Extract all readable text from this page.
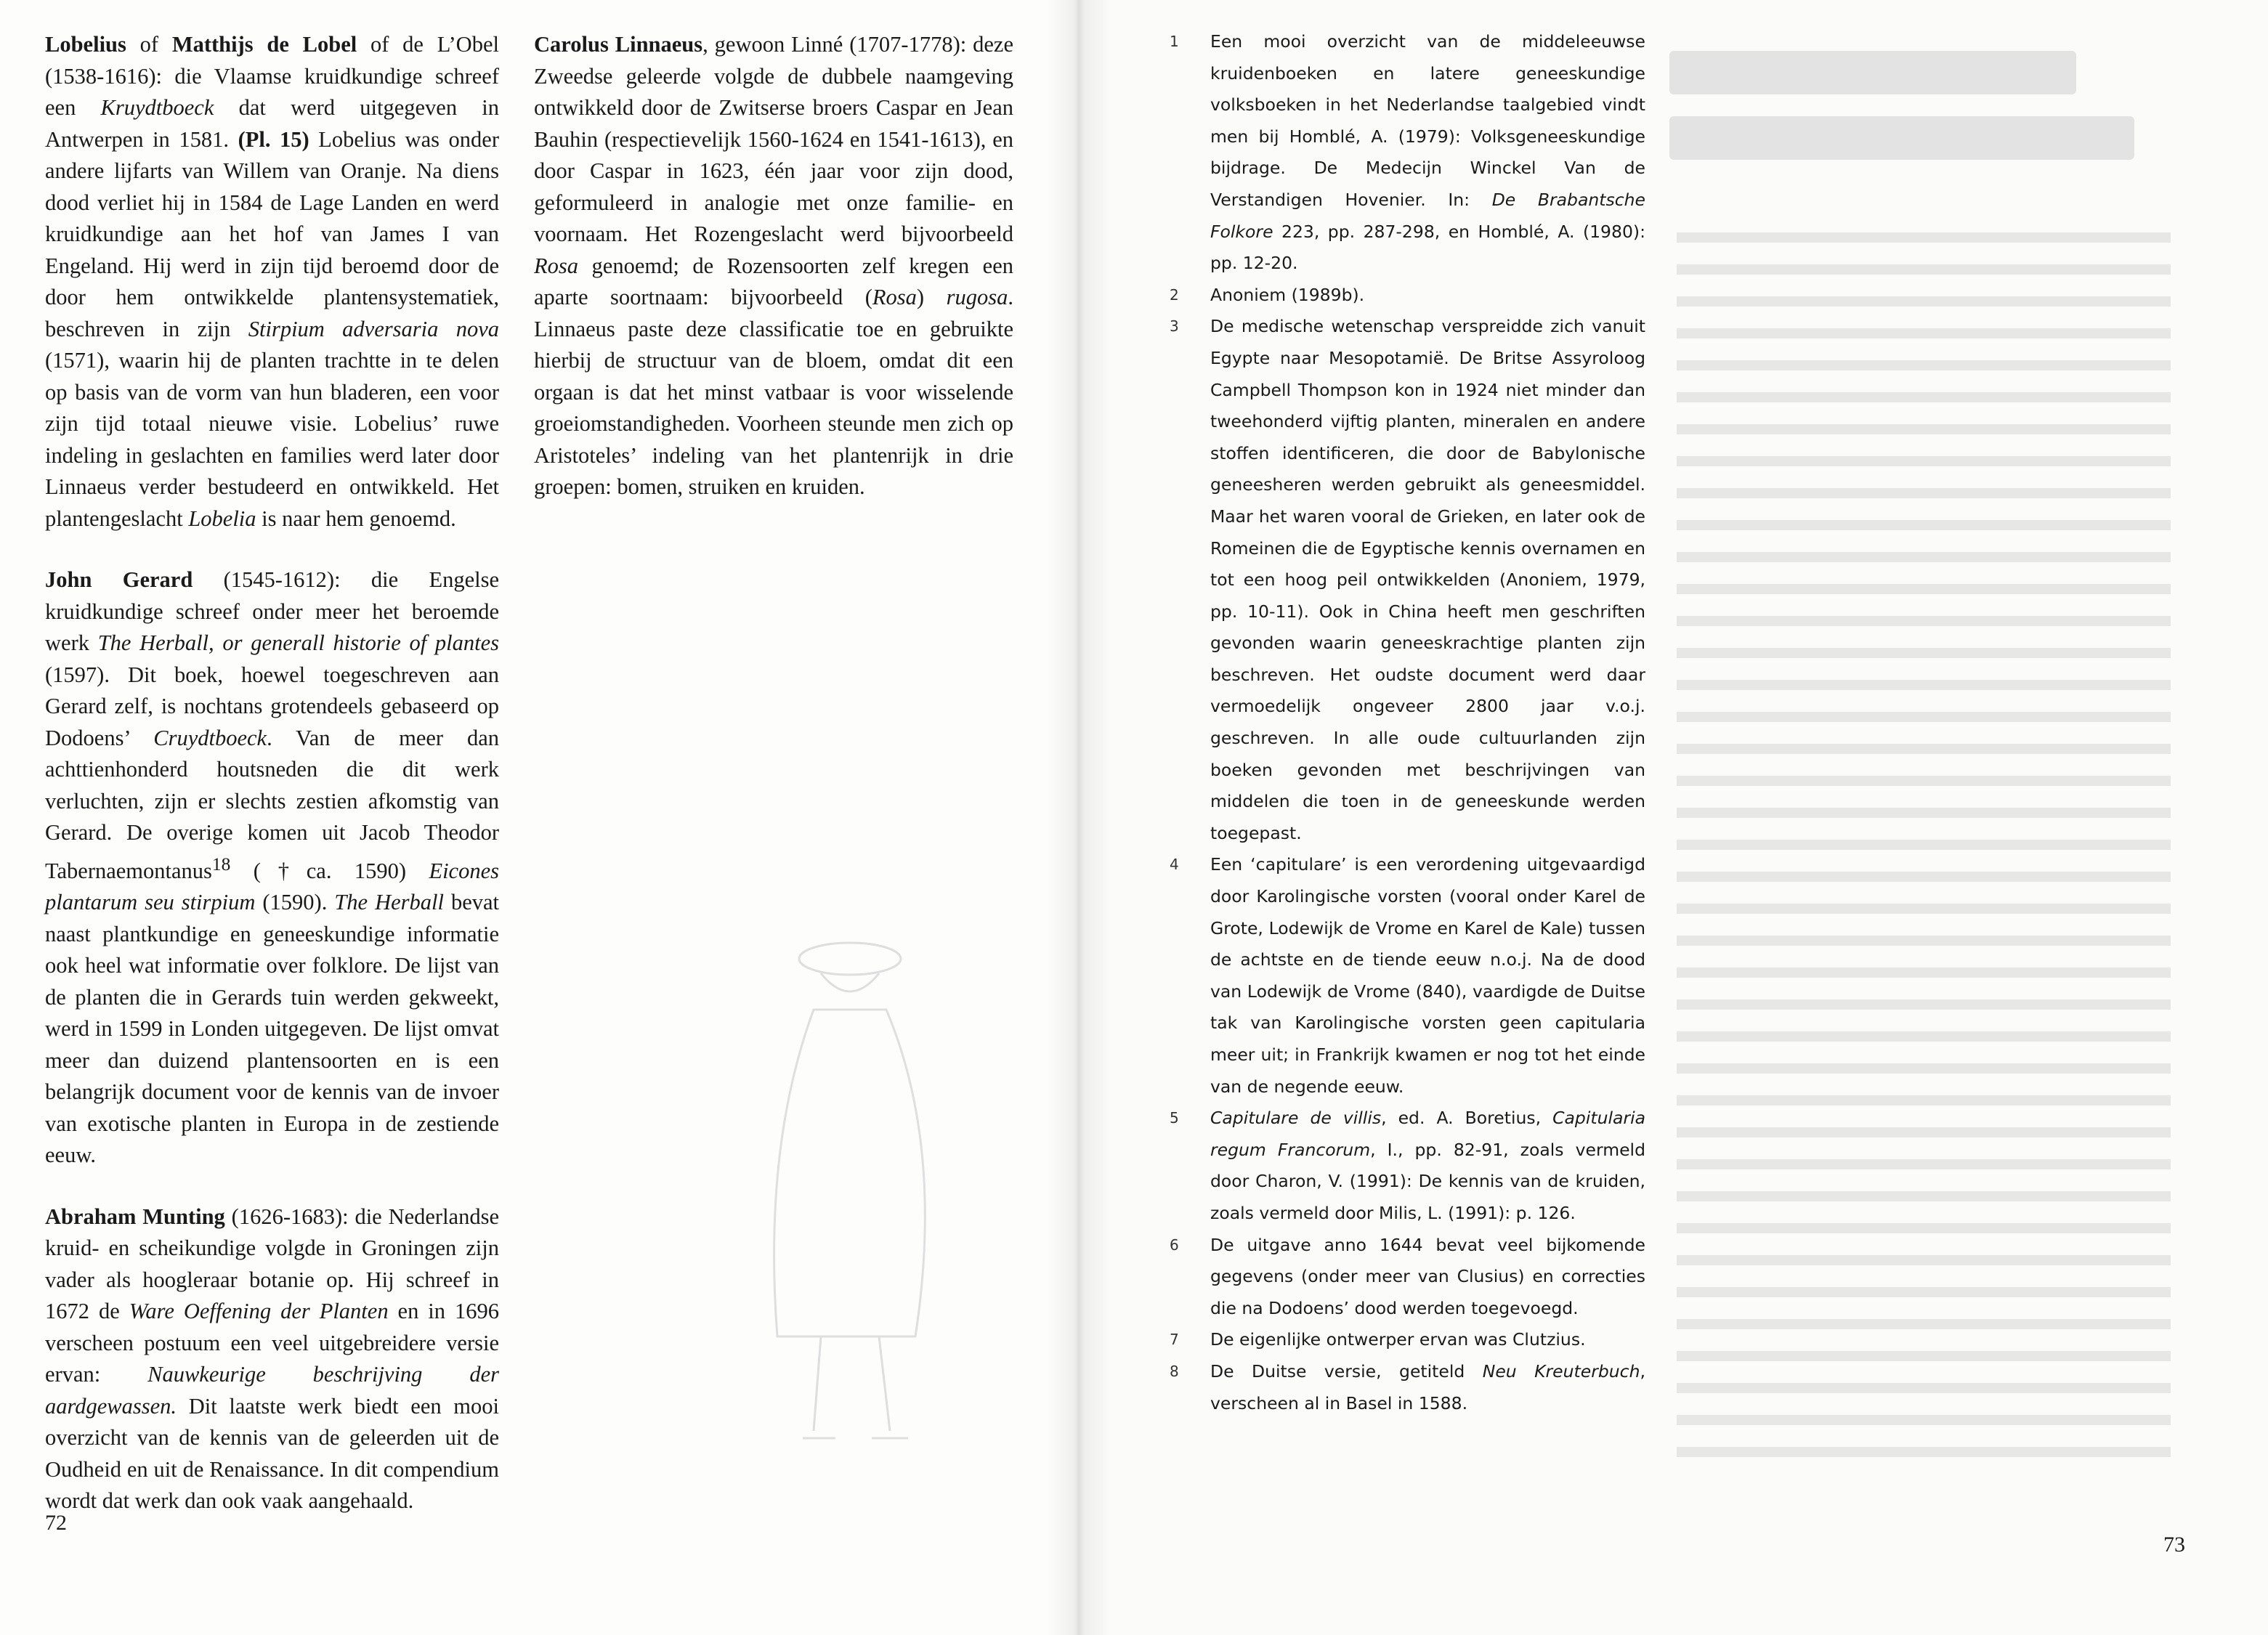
Lobelius of Matthijs de Lobel of de L’Obel (1538-1616): die Vlaamse kruidkundige schreef een Kruydtboeck dat werd uitgegeven in Antwerpen in 1581. (Pl. 15) Lobelius was onder andere lijfarts van Willem van Oranje. Na diens dood verliet hij in 1584 de Lage Landen en werd kruidkundige aan het hof van James I van Engeland. Hij werd in zijn tijd beroemd door de door hem ontwikkelde plantensystematiek, beschreven in zijn Stirpium adversaria nova (1571), waarin hij de planten trachtte in te delen op basis van de vorm van hun bladeren, een voor zijn tijd totaal nieuwe visie. Lobelius’ ruwe indeling in geslachten en families werd later door Linnaeus verder bestudeerd en ontwikkeld. Het plantengeslacht Lobelia is naar hem genoemd.

John Gerard (1545-1612): die Engelse kruidkundige schreef onder meer het beroemde werk The Herball, or generall historie of plantes (1597). Dit boek, hoewel toegeschreven aan Gerard zelf, is nochtans grotendeels gebaseerd op Dodoens’ Cruydtboeck. Van de meer dan achttienhonderd houtsneden die dit werk verluchten, zijn er slechts zestien afkomstig van Gerard. De overige komen uit Jacob Theodor Tabernaemontanus$^{18}$ (†ca. 1590) Eicones plantarum seu stirpium (1590). The Herball bevat naast plantkundige en geneeskundige informatie ook heel wat informatie over folklore. De lijst van de planten die in Gerards tuin werden gekweekt, werd in 1599 in Londen uitgegeven. De lijst omvat meer dan duizend plantensoorten en is een belangrijk document voor de kennis van de invoer van exotische planten in Europa in de zestiende eeuw.

Abraham Munting (1626-1683): die Nederlandse kruid- en scheikundige volgde in Groningen zijn vader als hoogleraar botanie op. Hij schreef in 1672 de Ware Oeffening der Planten en in 1696 verscheen postuum een veel uitgebreidere versie ervan: Nauwkeurige beschrijving der aardgewassen. Dit laatste werk biedt een mooi overzicht van de kennis van de geleerden uit de Oudheid en uit de Renaissance. In dit compendium wordt dat werk dan ook vaak aangehaald.

Carolus Linnaeus, gewoon Linné (1707-1778): deze Zweedse geleerde volgde de dubbele naamgeving ontwikkeld door de Zwitserse broers Caspar en Jean Bauhin (respectievelijk 1560-1624 en 1541-1613), en door Caspar in 1623, één jaar voor zijn dood, geformuleerd in analogie met onze familie- en voornaam. Het Rozengeslacht werd bijvoorbeeld Rosa genoemd; de Rozensoorten zelf kregen een aparte soortnaam: bijvoorbeeld (Rosa) rugosa. Linnaeus paste deze classificatie toe en gebruikte hierbij de structuur van de bloem, omdat dit een orgaan is dat het minst vatbaar is voor wisselende groeiomstandigheden. Voorheen steunde men zich op Aristoteles’ indeling van het plantenrijk in drie groepen: bomen, struiken en kruiden.

72

1	Een mooi overzicht van de middeleeuwse kruidenboeken en latere geneeskundige volksboeken in het Nederlandse taalgebied vindt men bij Homblé, A. (1979): Volksgeneeskundige bijdrage. De Medecijn Winckel Van de Verstandigen Hovenier. In: De Brabantsche Folkore 223, pp. 287-298, en Homblé, A. (1980): pp. 12-20.
2	Anoniem (1989b).
3	De medische wetenschap verspreidde zich vanuit Egypte naar Mesopotamië. De Britse Assyroloog Campbell Thompson kon in 1924 niet minder dan tweehonderd vijftig planten, mineralen en andere stoffen identificeren, die door de Babylonische geneesheren werden gebruikt als geneesmiddel. Maar het waren vooral de Grieken, en later ook de Romeinen die de Egyptische kennis overnamen en tot een hoog peil ontwikkelden (Anoniem, 1979, pp. 10-11). Ook in China heeft men geschriften gevonden waarin geneeskrachtige planten zijn beschreven. Het oudste document werd daar vermoedelijk ongeveer 2800 jaar v.o.j. geschreven. In alle oude cultuurlanden zijn boeken gevonden met beschrijvingen van middelen die toen in de geneeskunde werden toegepast.
4	Een ‘capitulare’ is een verordening uitgevaardigd door Karolingische vorsten (vooral onder Karel de Grote, Lodewijk de Vrome en Karel de Kale) tussen de achtste en de tiende eeuw n.o.j. Na de dood van Lodewijk de Vrome (840), vaardigde de Duitse tak van Karolingische vorsten geen capitularia meer uit; in Frankrijk kwamen er nog tot het einde van de negende eeuw.
5	Capitulare de villis, ed. A. Boretius, Capitularia regum Francorum, I., pp. 82-91, zoals vermeld door Charon, V. (1991): De kennis van de kruiden, zoals vermeld door Milis, L. (1991): p. 126.
6	De uitgave anno 1644 bevat veel bijkomende gegevens (onder meer van Clusius) en correcties die na Dodoens’ dood werden toegevoegd.
7	De eigenlijke ontwerper ervan was Clutzius.
8	De Duitse versie, getiteld Neu Kreuterbuch, verscheen al in Basel in 1588.
73
